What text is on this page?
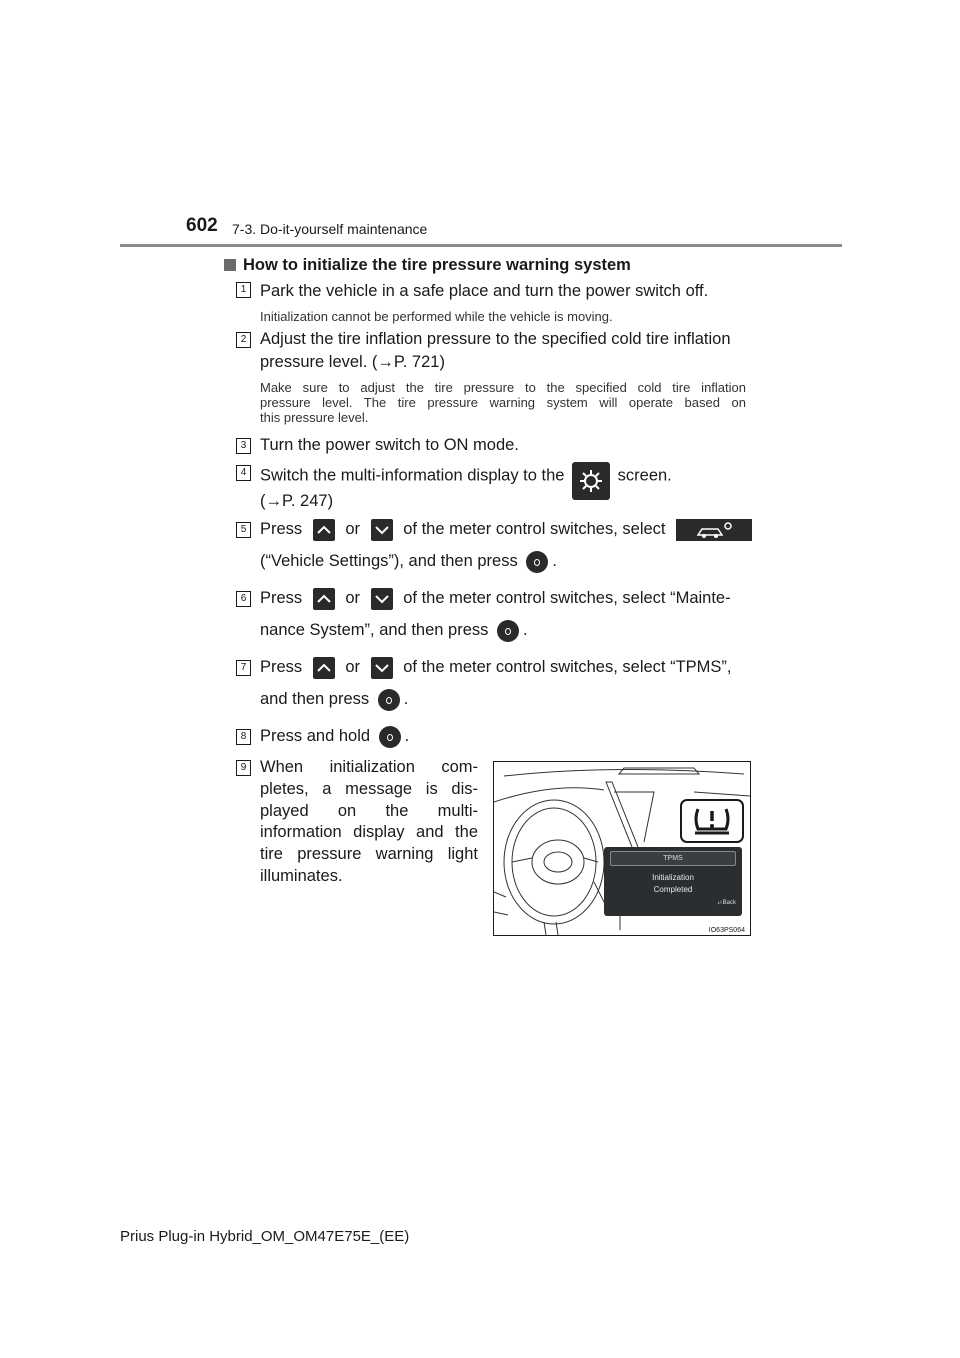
602 7-3. Do-it-yourself maintenance
How to initialize the tire pressure warning system
1 Park the vehicle in a safe place and turn the power switch off.
Initialization cannot be performed while the vehicle is moving.
2 Adjust the tire inflation pressure to the specified cold tire inflation
pressure level. (→P. 721)
Make sure to adjust the tire pressure to the specified cold tire inflation
pressure level. The tire pressure warning system will operate based on
this pressure level.
3 Turn the power switch to ON mode.
4 Switch the multi-information display to the	screen.
(→P. 247)
5 Press	or	of the meter control switches, select
(“Vehicle Settings”), and then press .
6 Press	or	of the meter control switches, select “Mainte-
nance System”, and then press .
7 Press	or	of the meter control switches, select “TPMS”,
and then press .
8 Press and hold .
9 When initialization com-
pletes, a message is dis-
played on the multi-
information display and the
tire pressure warning light
illuminates.
TPMS
Initialization
Completed
⤶:Back
IO63PS064
Prius Plug-in Hybrid_OM_OM47E75E_(EE)
